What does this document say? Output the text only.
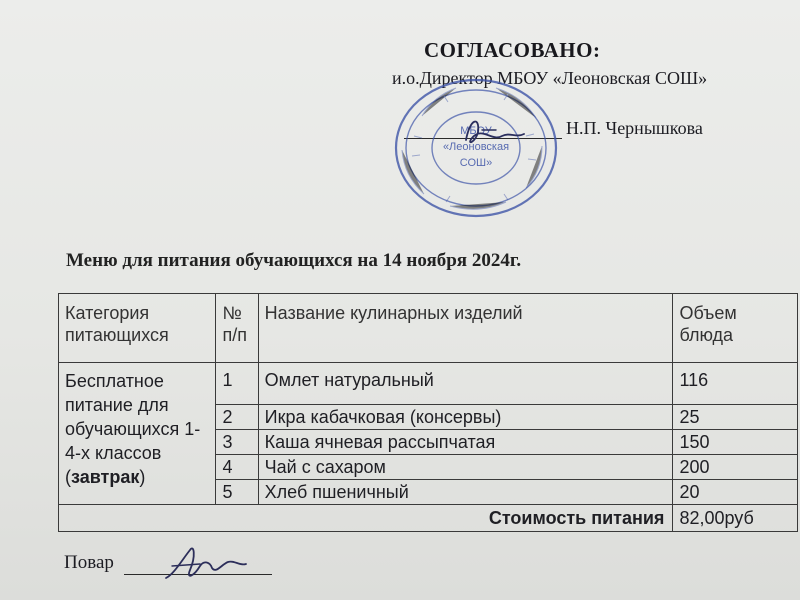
СОГЛАСОВАНО:
и.о.Директор МБОУ «Леоновская СОШ»
Н.П. Чернышкова
МБОУ
«Леоновская
СОШ»
Меню для питания обучающихся на 14 ноября 2024г.
Категория питающихся	№ п/п	Название кулинарных изделий	Объем блюда
Бесплатное питание для обучающихся 1-4-х классов (завтрак)	1	Омлет натуральный	116
	2	Икра кабачковая (консервы)	25
	3	Каша ячневая рассыпчатая	150
	4	Чай с сахаром	200
	5	Хлеб пшеничный	20
Стоимость питания			82,00руб
Повар
